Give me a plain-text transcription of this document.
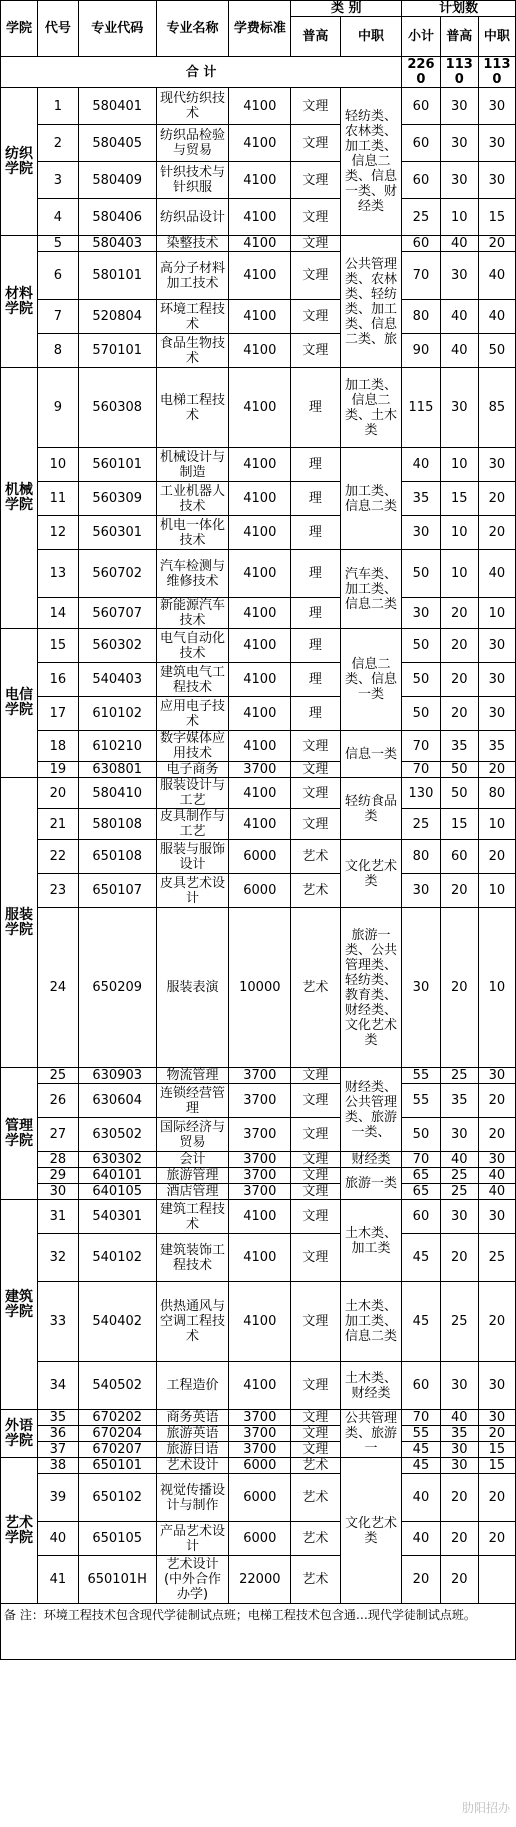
学院	代号	专业代码	专业名称	学费标准	类 别		计划数		
					普高	中职	小计	普高	中职
合 计							2260	1130	1130
纺织学院	1	580401	现代纺织技术	4100	文理	轻纺类、农林类、加工类、信息二类、信息一类、财经类	60	30	30
	2	580405	纺织品检验与贸易	4100	文理		60	30	30
	3	580409	针织技术与针织服	4100	文理		60	30	30
	4	580406	纺织品设计	4100	文理		25	10	15
材料学院	5	580403	染整技术	4100	文理	公共管理类、农林类、轻纺类、加工类、信息二类、旅	60	40	20
	6	580101	高分子材料加工技术	4100	文理		70	30	40
	7	520804	环境工程技术	4100	文理		80	40	40
	8	570101	食品生物技术	4100	文理		90	40	50
机械学院	9	560308	电梯工程技术	4100	理	加工类、信息二类、土木类	115	30	85
	10	560101	机械设计与制造	4100	理	加工类、信息二类	40	10	30
	11	560309	工业机器人技术	4100	理		35	15	20
	12	560301	机电一体化技术	4100	理		30	10	20
	13	560702	汽车检测与维修技术	4100	理	汽车类、加工类、信息二类	50	10	40
	14	560707	新能源汽车技术	4100	理		30	20	10
电信学院	15	560302	电气自动化技术	4100	理	信息二类、信息一类	50	20	30
	16	540403	建筑电气工程技术	4100	理		50	20	30
	17	610102	应用电子技术	4100	理		50	20	30
	18	610210	数字媒体应用技术	4100	文理	信息一类	70	35	35
	19	630801	电子商务	3700	文理		70	50	20
服装学院	20	580410	服装设计与工艺	4100	文理	轻纺食品类	130	50	80
	21	580108	皮具制作与工艺	4100	文理		25	15	10
	22	650108	服装与服饰设计	6000	艺术	文化艺术类	80	60	20
	23	650107	皮具艺术设计	6000	艺术		30	20	10
	24	650209	服装表演	10000	艺术	旅游一类、公共管理类、轻纺类、教育类、财经类、文化艺术类	30	20	10
管理学院	25	630903	物流管理	3700	文理	财经类、公共管理类、旅游一类、	55	25	30
	26	630604	连锁经营管理	3700	文理		55	35	20
	27	630502	国际经济与贸易	3700	文理		50	30	20
	28	630302	会计	3700	文理	财经类	70	40	30
	29	640101	旅游管理	3700	文理	旅游一类	65	25	40
	30	640105	酒店管理	3700	文理		65	25	40
建筑学院	31	540301	建筑工程技术	4100	文理	土木类、加工类	60	30	30
	32	540102	建筑装饰工程技术	4100	文理		45	20	25
	33	540402	供热通风与空调工程技术	4100	文理	土木类、加工类、信息二类	45	25	20
	34	540502	工程造价	4100	文理	土木类、财经类	60	30	30
外语学院	35	670202	商务英语	3700	文理	公共管理类、旅游一	70	40	30
	36	670204	旅游英语	3700	文理		55	35	20
	37	670207	旅游日语	3700	文理		45	30	15
艺术学院	38	650101	艺术设计	6000	艺术	文化艺术类	45	30	15
	39	650102	视觉传播设计与制作	6000	艺术		40	20	20
	40	650105	产品艺术设计	6000	艺术		40	20	20
	41	650101H	艺术设计(中外合作办学)	22000	艺术		20	20	
备 注：环境工程技术包含现代学徒制试点班；电梯工程技术包含通…现代学徒制试点班。									
肋阳招办
